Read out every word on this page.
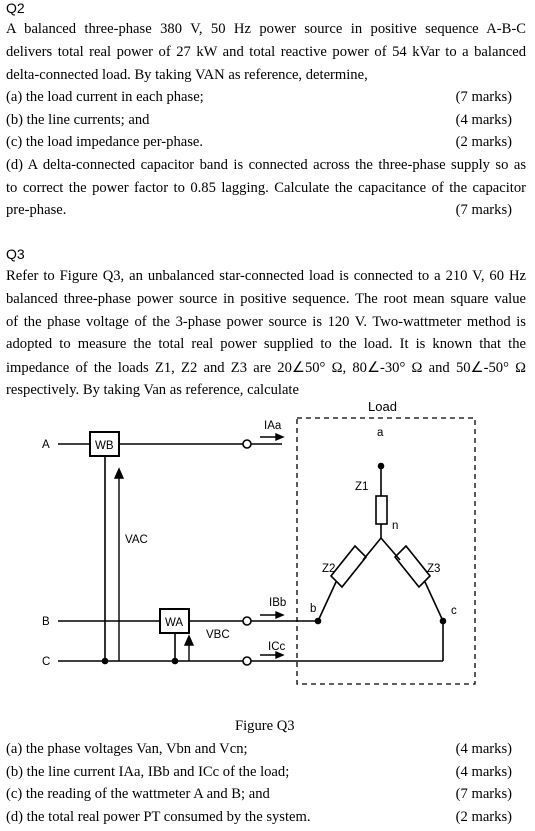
Q2
A balanced three-phase 380 V, 50 Hz power source in positive sequence A-B-C
delivers total real power of 27 kW and total reactive power of 54 kVar to a balanced
delta-connected load. By taking VAN as reference, determine,
(a) the load current in each phase;	(7 marks)
(b) the line currents; and	(4 marks)
(c) the load impedance per-phase.	(2 marks)
(d) A delta-connected capacitor band is connected across the three-phase supply so as
to correct the power factor to 0.85 lagging. Calculate the capacitance of the capacitor
pre-phase.	(7 marks)
Q3
Refer to Figure Q3, an unbalanced star-connected load is connected to a 210 V, 60 Hz
balanced three-phase power source in positive sequence. The root mean square value
of the phase voltage of the 3-phase power source is 120 V. Two-wattmeter method is
adopted to measure the total real power supplied to the load. It is known that the
impedance of the loads Z1, Z2 and Z3 are 20∠50° Ω, 80∠-30° Ω and 50∠-50° Ω
respectively. By taking Van as reference, calculate
Load
A
B
C
WB
WA
VAC
VBC
IAa
IBb
ICc
a
b	c
n
Z1
Z2	Z3
Figure Q3
(a) the phase voltages Van, Vbn and Vcn;	(4 marks)
(b) the line current IAa, IBb and ICc of the load;	(4 marks)
(c) the reading of the wattmeter A and B; and	(7 marks)
(d) the total real power PT consumed by the system.	(2 marks)
